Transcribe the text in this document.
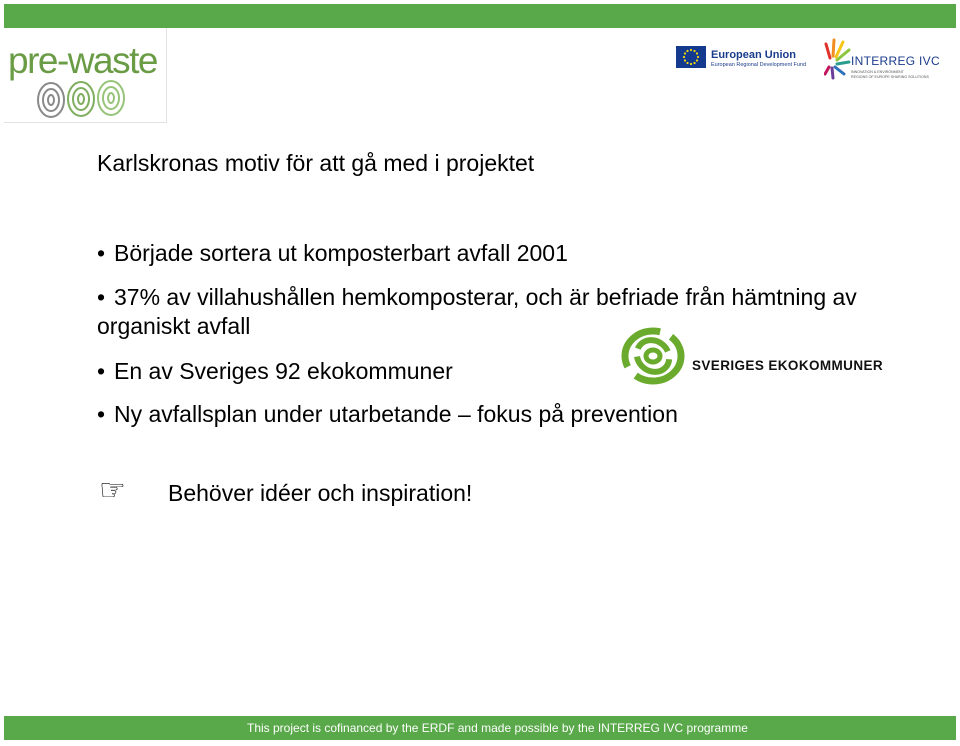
pre-waste	European Union
European Regional Development Fund	INTERREG IVC
INNOVATION & ENVIRONMENT
REGIONS OF EUROPE SHARING SOLUTIONS
Karlskronas motiv för att gå med i projektet
• Började sortera ut komposterbart avfall 2001
• 37% av villahushållen hemkomposterar, och är befriade från hämtning av organiskt avfall
• En av Sveriges 92 ekokommuner
• Ny avfallsplan under utarbetande – fokus på prevention
SVERIGES EKOKOMMUNER
☞ Behöver idéer och inspiration!
This project is cofinanced by the ERDF and made possible by the INTERREG IVC programme
